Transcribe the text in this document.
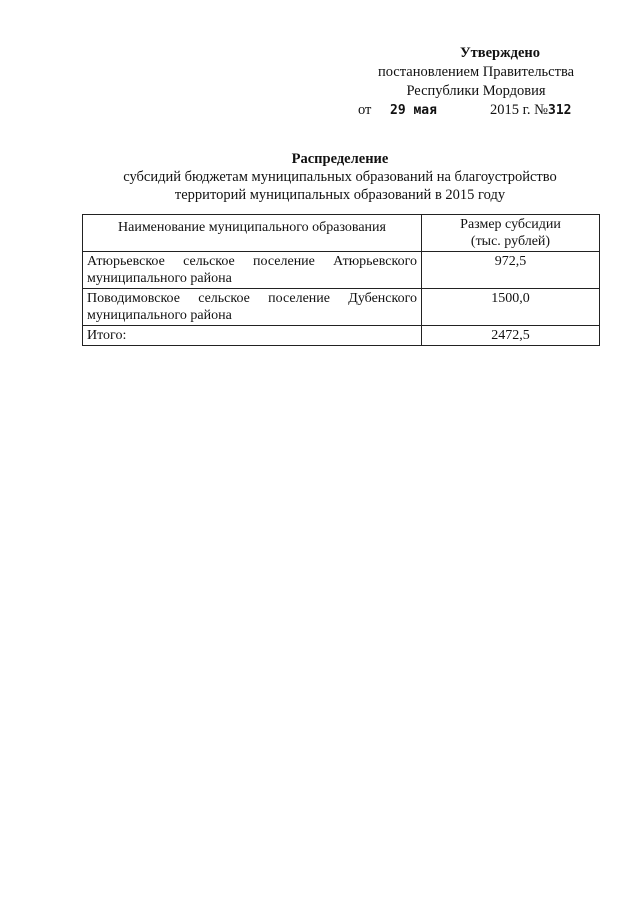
Утверждено
постановлением Правительства
Республики Мордовия
от 29 мая	2015 г. №312
Распределение
субсидий бюджетам муниципальных образований на благоустройство
территорий муниципальных образований в 2015 году
Наименование муниципального образования	Размер субсидии
(тыс. рублей)

Атюрьевское сельское поселение Атюрьевского муниципального района	972,5
Поводимовское сельское поселение Дубенского муниципального района	1500,0
Итого:	2472,5
